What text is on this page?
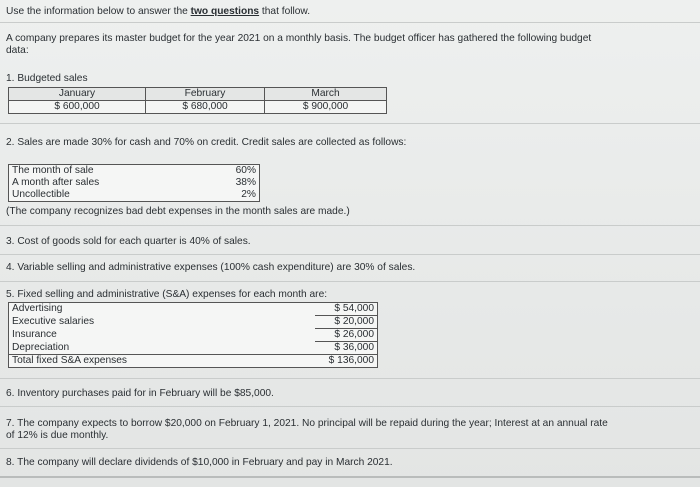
Use the information below to answer the two questions that follow.
A company prepares its master budget for the year 2021 on a monthly basis. The budget officer has gathered the following budget
data:
1. Budgeted sales
January	February	March
$ 600,000	$ 680,000	$ 900,000
2. Sales are made 30% for cash and 70% on credit. Credit sales are collected as follows:
The month of sale	60%
A month after sales	38%
Uncollectible	2%
(The company recognizes bad debt expenses in the month sales are made.)
3. Cost of goods sold for each quarter is 40% of sales.
4. Variable selling and administrative expenses (100% cash expenditure) are 30% of sales.
5. Fixed selling and administrative (S&A) expenses for each month are:
Advertising	$ 54,000
Executive salaries	$ 20,000
Insurance	$ 26,000
Depreciation	$ 36,000
Total fixed S&A expenses	$ 136,000
6. Inventory purchases paid for in February will be $85,000.
7. The company expects to borrow $20,000 on February 1, 2021. No principal will be repaid during the year; Interest at an annual rate
of 12% is due monthly.
8. The company will declare dividends of $10,000 in February and pay in March 2021.
